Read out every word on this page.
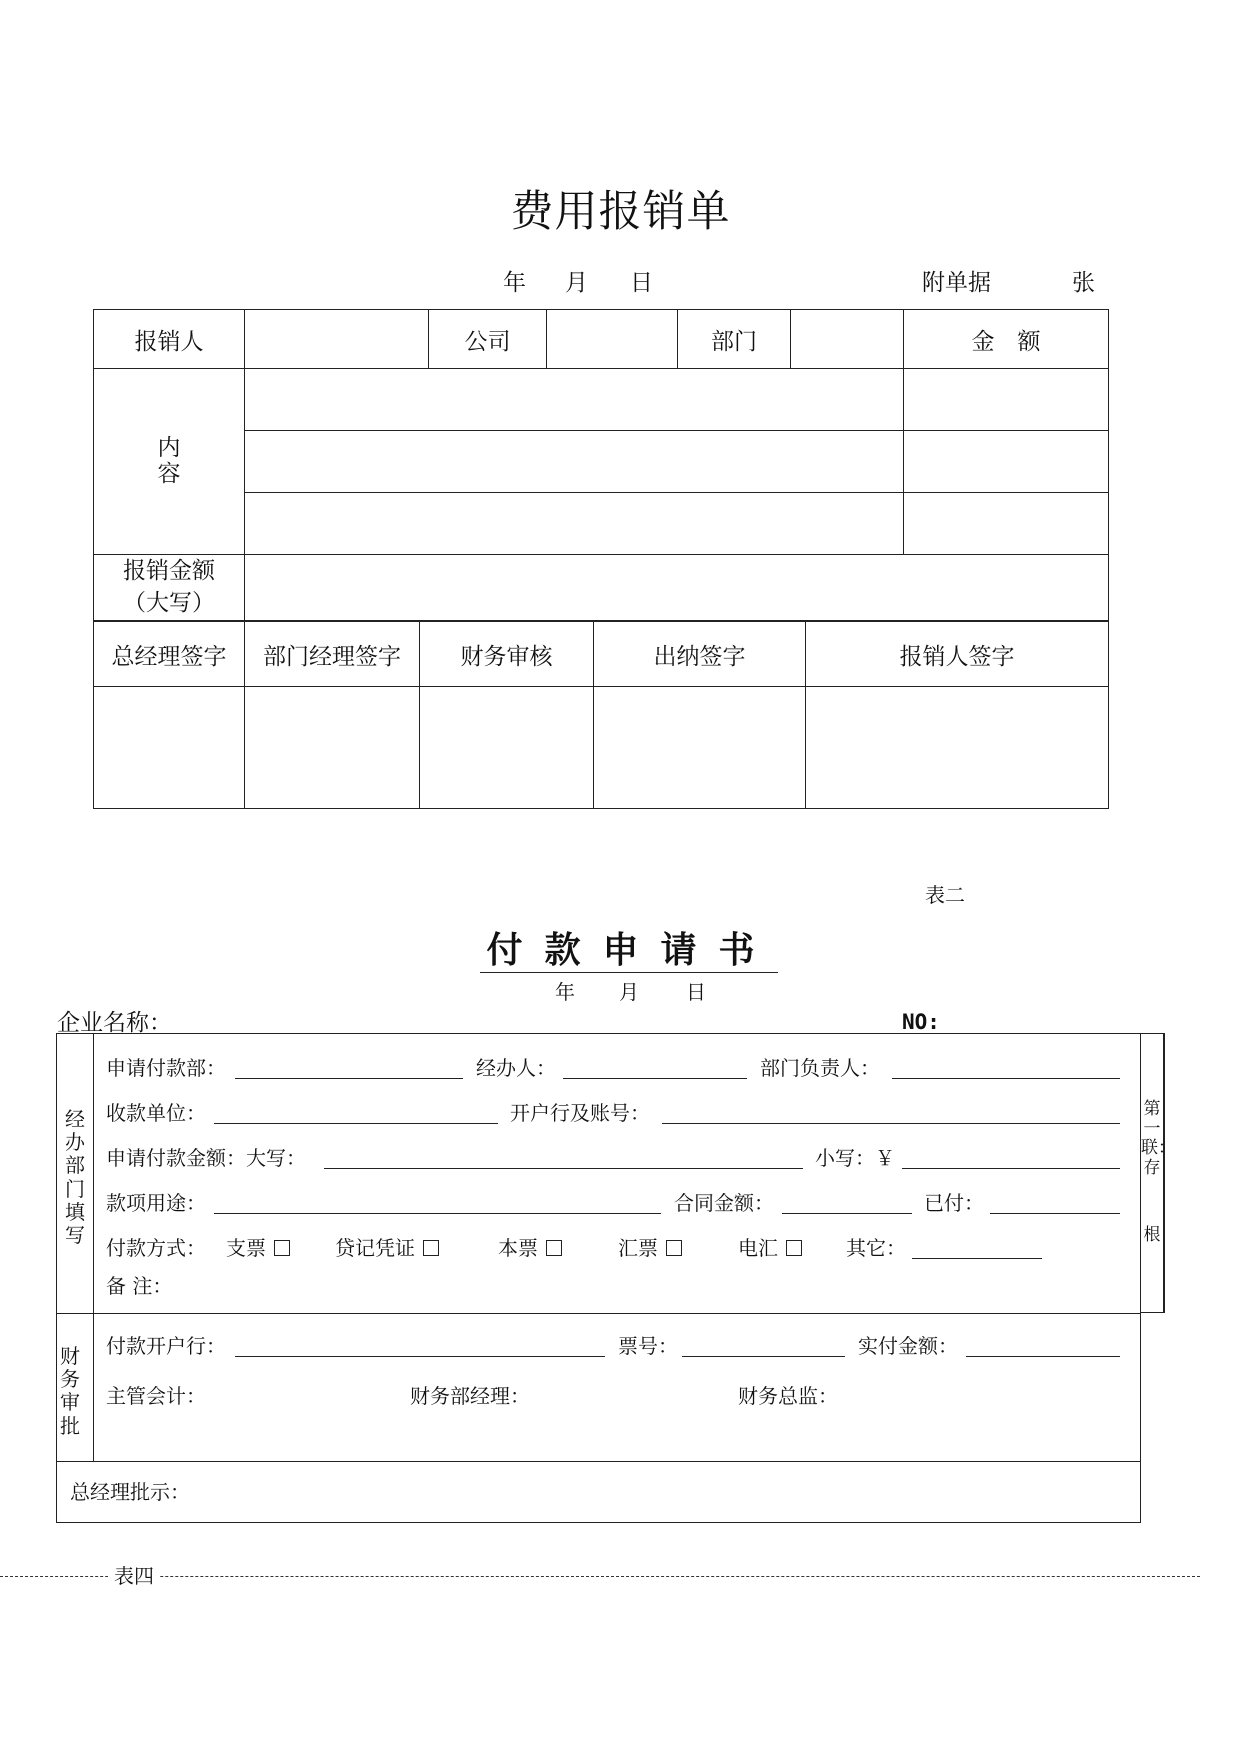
费用报销单
年 月 日	附单据	张
报销人		公司		部门		金　额
内容						

报销金额
（大写）						

总经理签字	部门经理签字	财务审核	出纳签字	报销人签字

表二
付款申请书
年 月 日
企业名称：	NO:
第一联：存
根
经办部门填写
财务审批
申请付款部：	经办人：	部门负责人：
收款单位：	开户行及账号：
申请付款金额：大写：	小写：￥
款项用途：	合同金额：	已付：
付款方式： 支票	贷记凭证	本票	汇票	电汇	其它：
备 注：
付款开户行：	票号：	实付金额：
主管会计：	财务部经理：	财务总监：
总经理批示：
表四
